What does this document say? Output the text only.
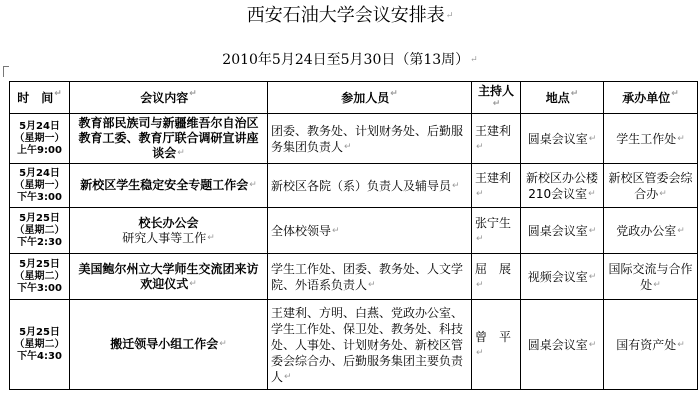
西安石油大学会议安排表↵
2010年5月24日至5月30日（第13周）↵
时　间↵	会议内容↵	参加人员↵	主持人↵	地点↵	承办单位↵
5月24日
（星期一）
上午9:00	教育部民族司与新疆维吾尔自治区教育工委、教育厅联合调研宣讲座谈会↵	团委、教务处、计划财务处、后勤服务集团负责人↵	王建利↵	圆桌会议室↵	学生工作处↵
5月24日
（星期一）
下午3:00	新校区学生稳定安全专题工作会↵	新校区各院（系）负责人及辅导员↵	王建利↵	新校区办公楼210会议室↵	新校区管委会综合办↵
5月25日
（星期二）
下午2:30	校长办公会
研究人事等工作↵	全体校领导↵	张宁生↵	圆桌会议室↵	党政办公室↵
5月25日
（星期二）
下午3:00	美国鲍尔州立大学师生交流团来访欢迎仪式↵	学生工作处、团委、教务处、人文学院、外语系负责人↵	屈　展↵	视频会议室↵	国际交流与合作处↵
5月25日
（星期二）
下午4:30	搬迁领导小组工作会↵	王建利、方明、白燕、党政办公室、学生工作处、保卫处、教务处、科技处、人事处、计划财务处、新校区管委会综合办、后勤服务集团主要负责人↵	曾　平↵	圆桌会议室↵	国有资产处↵
